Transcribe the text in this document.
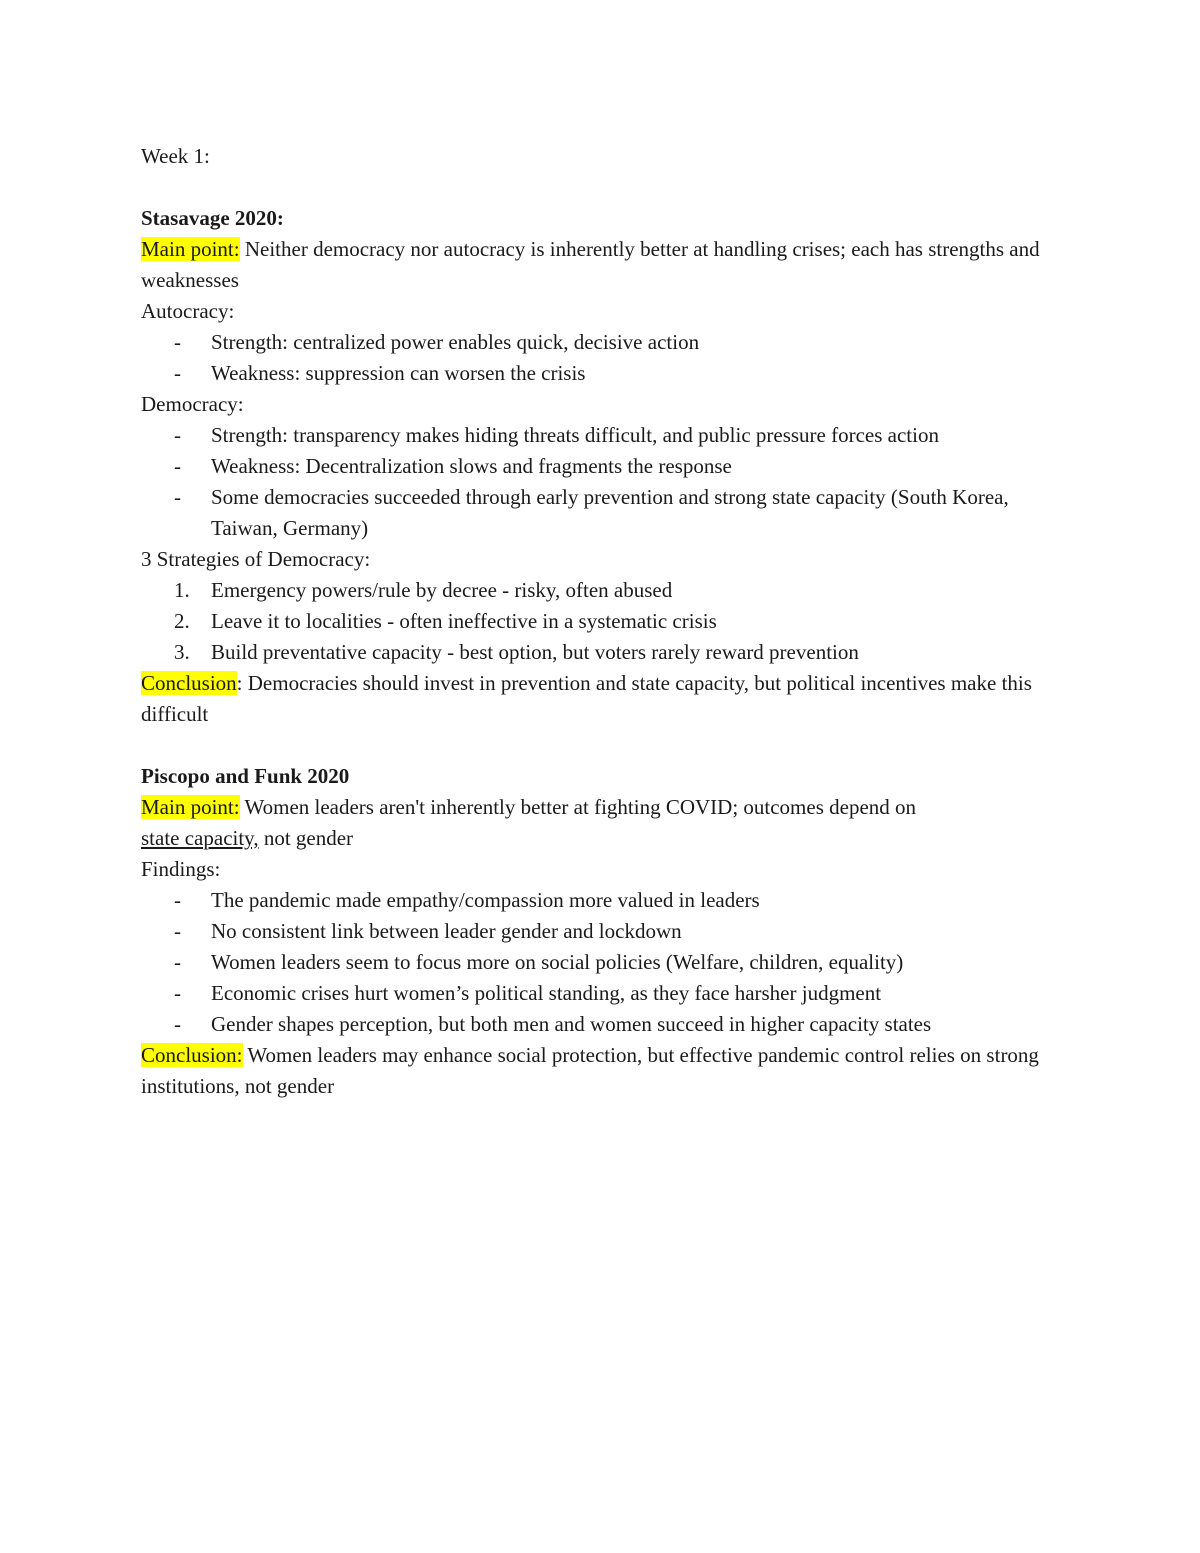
Week 1:
Stasavage 2020:
Main point: Neither democracy nor autocracy is inherently better at handling crises; each has strengths and weaknesses
Autocracy:
-	Strength: centralized power enables quick, decisive action
-	Weakness: suppression can worsen the crisis
Democracy:
-	Strength: transparency makes hiding threats difficult, and public pressure forces action
-	Weakness: Decentralization slows and fragments the response
-	Some democracies succeeded through early prevention and strong state capacity (South Korea, Taiwan, Germany)
3 Strategies of Democracy:
1.	Emergency powers/rule by decree - risky, often abused
2.	Leave it to localities - often ineffective in a systematic crisis
3.	Build preventative capacity - best option, but voters rarely reward prevention
Conclusion: Democracies should invest in prevention and state capacity, but political incentives make this difficult
Piscopo and Funk 2020
Main point: Women leaders aren't inherently better at fighting COVID; outcomes depend on
state capacity, not gender
Findings:
-	The pandemic made empathy/compassion more valued in leaders
-	No consistent link between leader gender and lockdown
-	Women leaders seem to focus more on social policies (Welfare, children, equality)
-	Economic crises hurt women’s political standing, as they face harsher judgment
-	Gender shapes perception, but both men and women succeed in higher capacity states
Conclusion: Women leaders may enhance social protection, but effective pandemic control relies on strong institutions, not gender
